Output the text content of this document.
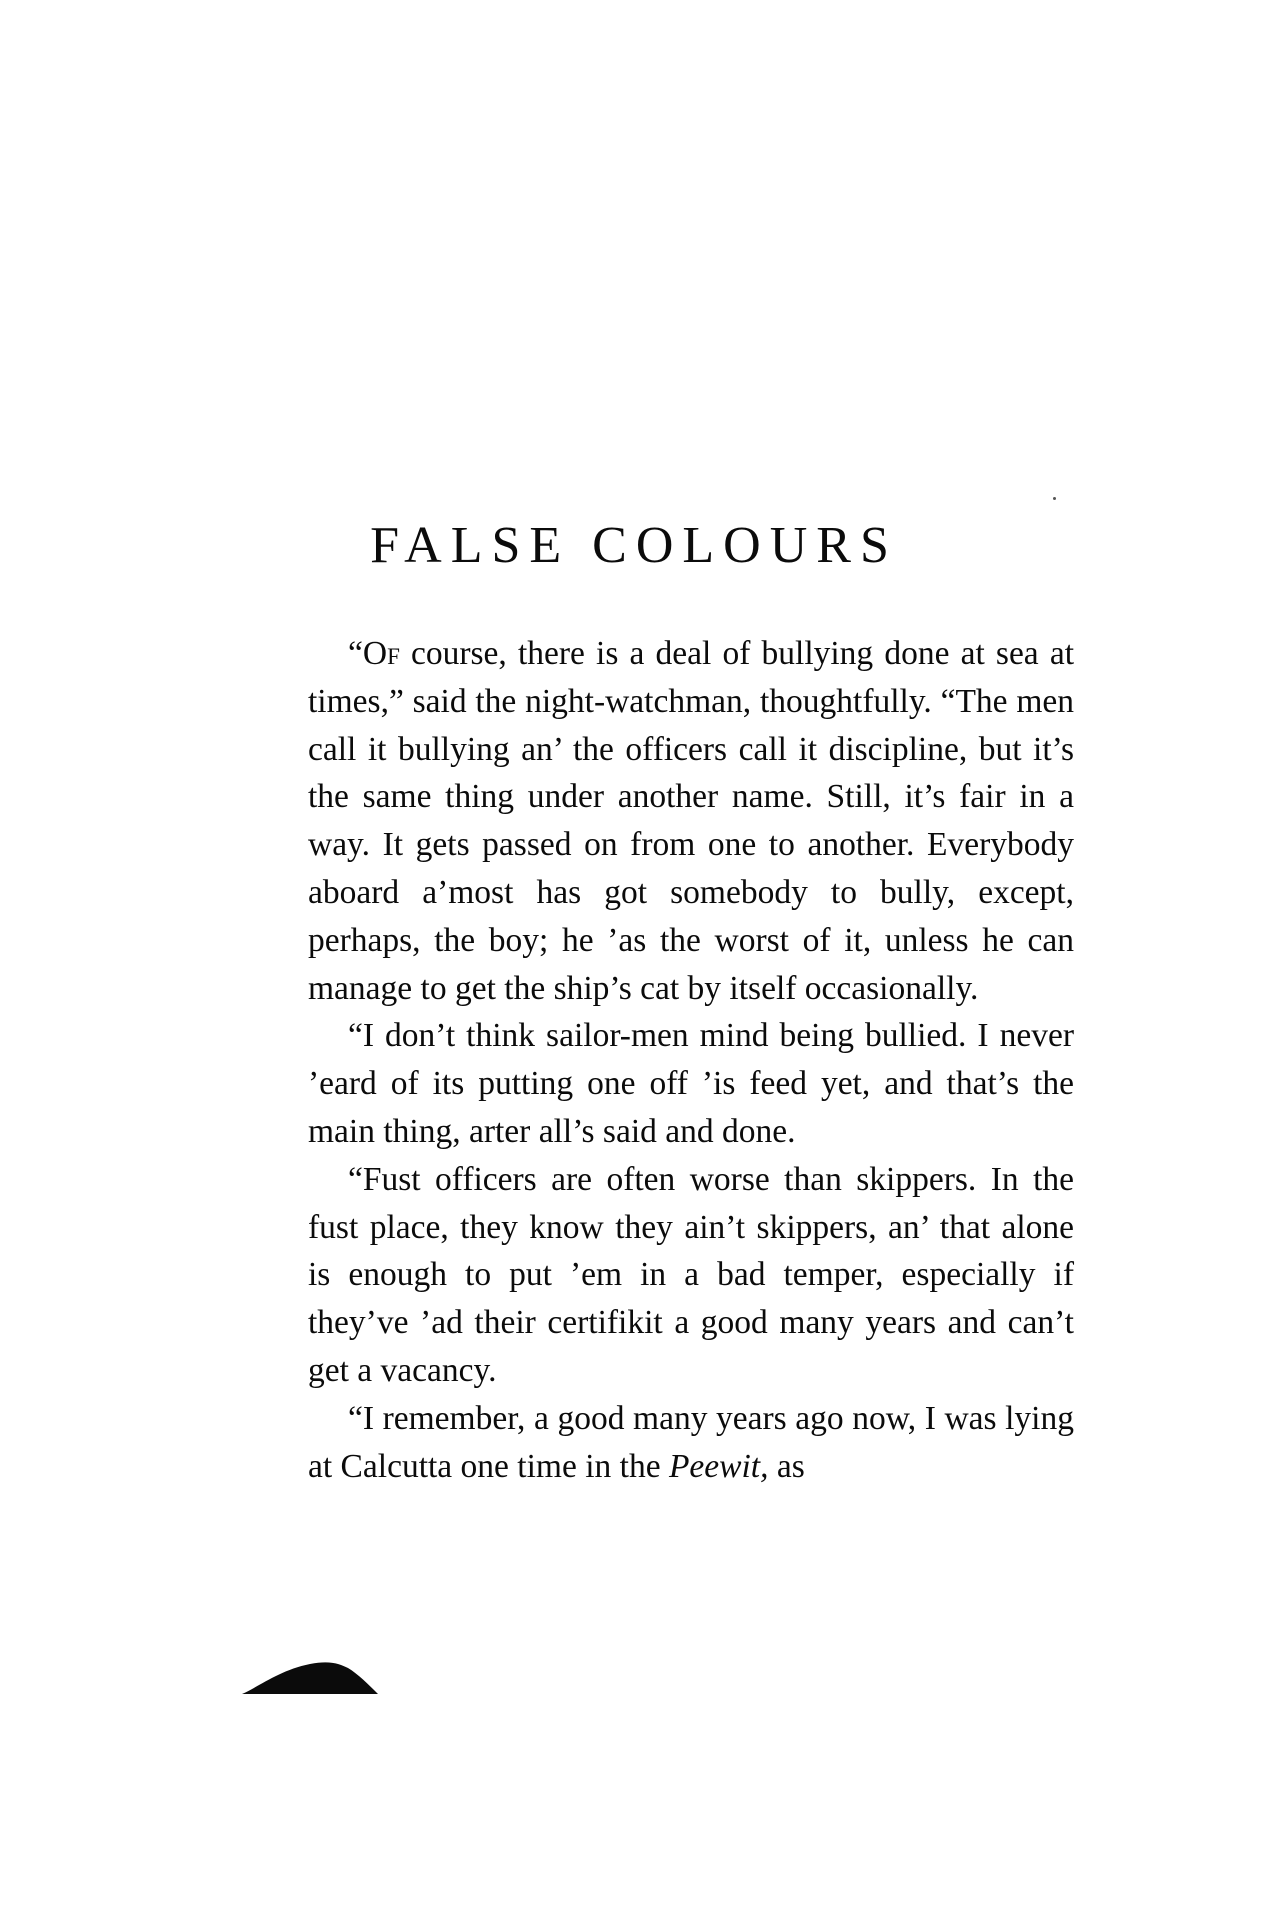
FALSE COLOURS

“Of course, there is a deal of bullying done at sea at times,” said the night-watchman, thoughtfully. “The men call it bullying an’ the officers call it discipline, but it’s the same thing under another name. Still, it’s fair in a way. It gets passed on from one to another. Everybody aboard a’most has got somebody to bully, except, perhaps, the boy; he ’as the worst of it, unless he can manage to get the ship’s cat by itself occasionally.

“I don’t think sailor-men mind being bullied. I never ’eard of its putting one off ’is feed yet, and that’s the main thing, arter all’s said and done.

“Fust officers are often worse than skippers. In the fust place, they know they ain’t skippers, an’ that alone is enough to put ’em in a bad temper, especially if they’ve ’ad their certifikit a good many years and can’t get a vacancy.

“I remember, a good many years ago now, I was lying at Calcutta one time in the Peewit, as
